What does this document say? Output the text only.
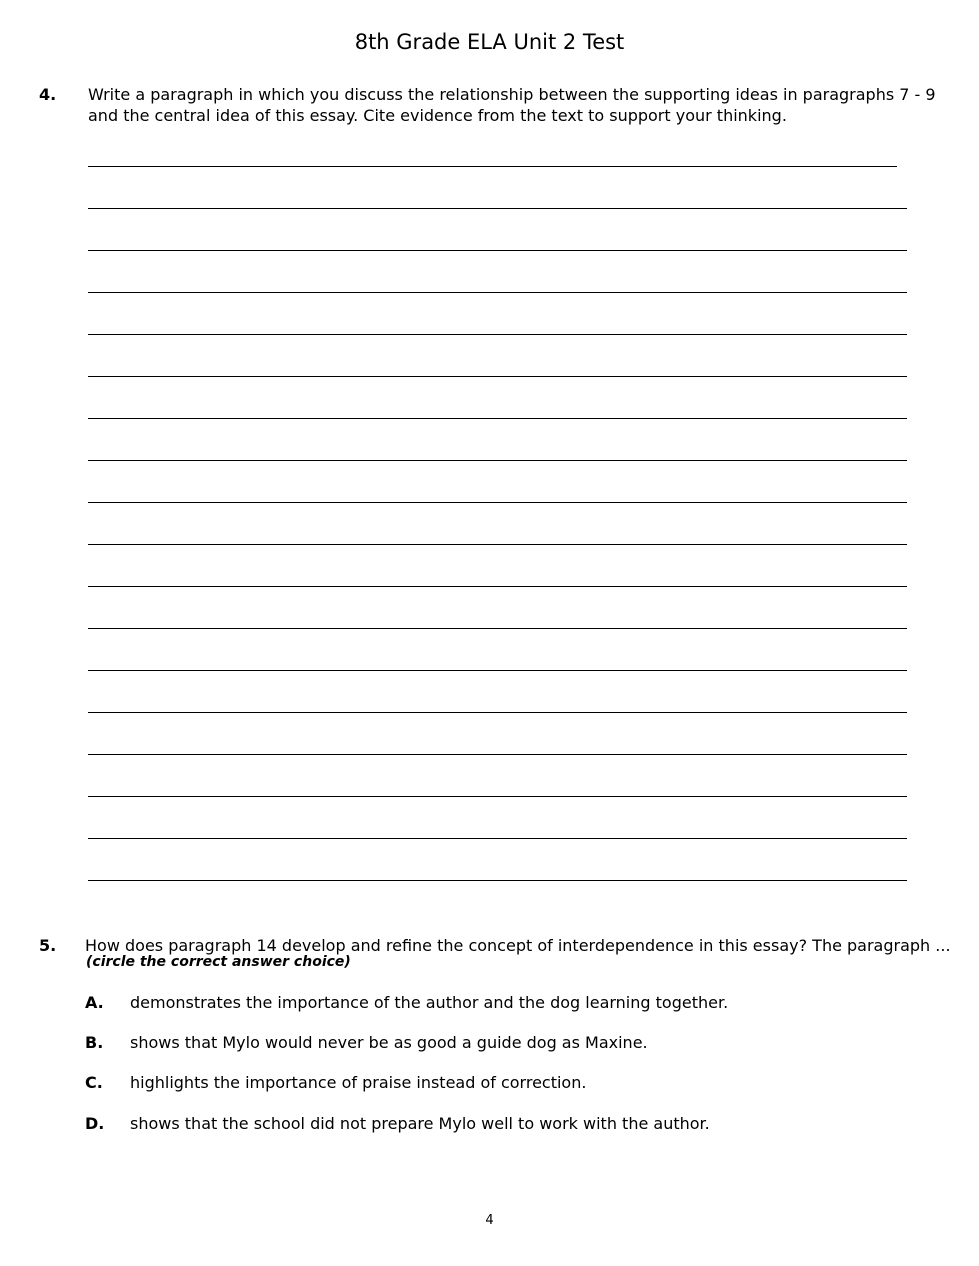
8th Grade ELA Unit 2 Test
4. Write a paragraph in which you discuss the relationship between the supporting ideas in paragraphs 7 - 9
and the central idea of this essay. Cite evidence from the text to support your thinking.
5. How does paragraph 14 develop and refine the concept of interdependence in this essay? The paragraph ...
(circle the correct answer choice)
A. demonstrates the importance of the author and the dog learning together.
B. shows that Mylo would never be as good a guide dog as Maxine.
C. highlights the importance of praise instead of correction.
D. shows that the school did not prepare Mylo well to work with the author.
4
